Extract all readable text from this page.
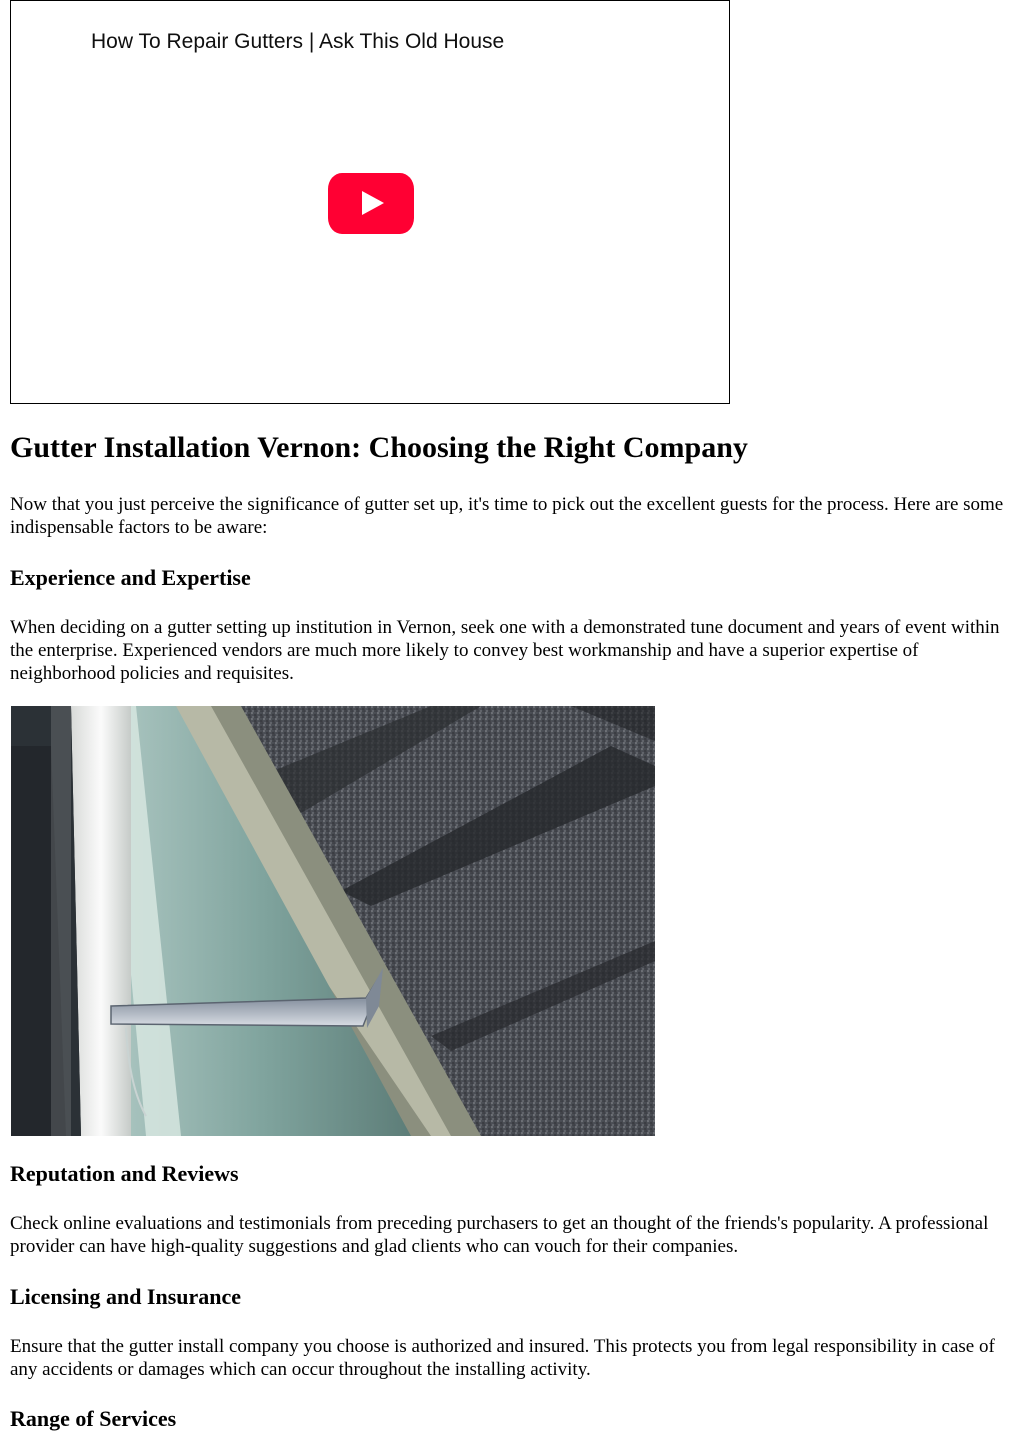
How To Repair Gutters | Ask This Old House
Gutter Installation Vernon: Choosing the Right Company

Now that you just perceive the significance of gutter set up, it's time to pick out the excellent guests for the process. Here are some indispensable factors to be aware:

Experience and Expertise

When deciding on a gutter setting up institution in Vernon, seek one with a demonstrated tune document and years of event within the enterprise. Experienced vendors are much more likely to convey best workmanship and have a superior expertise of neighborhood policies and requisites.

Reputation and Reviews

Check online evaluations and testimonials from preceding purchasers to get an thought of the friends's popularity. A professional provider can have high-quality suggestions and glad clients who can vouch for their companies.

Licensing and Insurance

Ensure that the gutter install company you choose is authorized and insured. This protects you from legal responsibility in case of any accidents or damages which can occur throughout the installing activity.

Range of Services
